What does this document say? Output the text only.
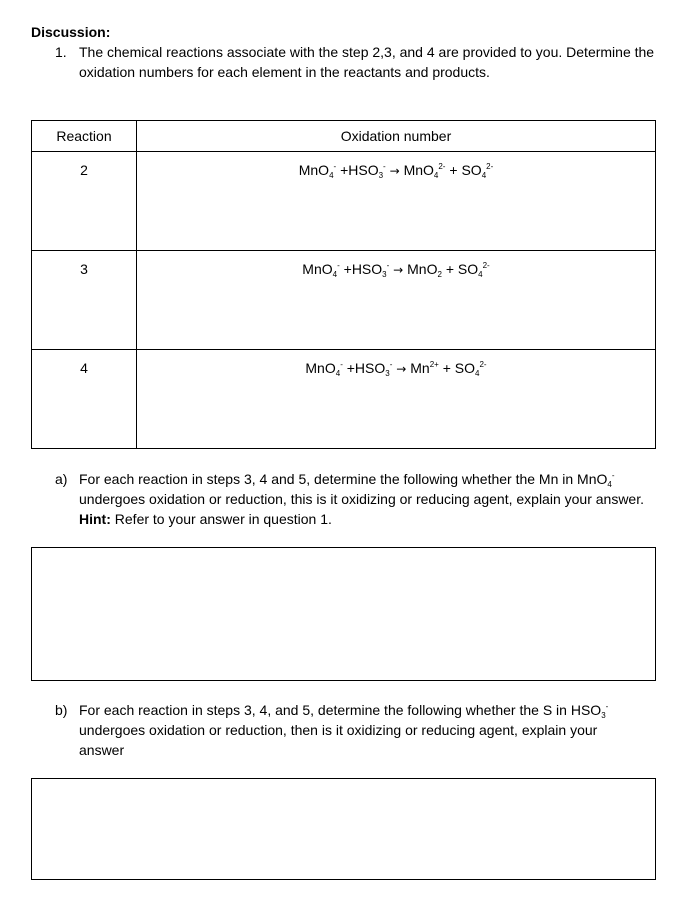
Discussion:
1. The chemical reactions associate with the step 2,3, and 4 are provided to you. Determine the oxidation numbers for each element in the reactants and products.
Reaction	Oxidation number

2	$MnO_4^- +HSO_3^- \to MnO_4^{2-} + SO_4^{2-}$

3	$MnO_4^- +HSO_3^- \to MnO_2 + SO_4^{2-}$

4	$MnO_4^- +HSO_3^- \to Mn^{2+} + SO_4^{2-}$
a) For each reaction in steps 3, 4 and 5, determine the following whether the Mn in MnO$_4$- undergoes oxidation or reduction, this is it oxidizing or reducing agent, explain your answer. Hint: Refer to your answer in question 1.
b) For each reaction in steps 3, 4, and 5, determine the following whether the S in $HSO_3^-$ undergoes oxidation or reduction, then is it oxidizing or reducing agent, explain your answer
